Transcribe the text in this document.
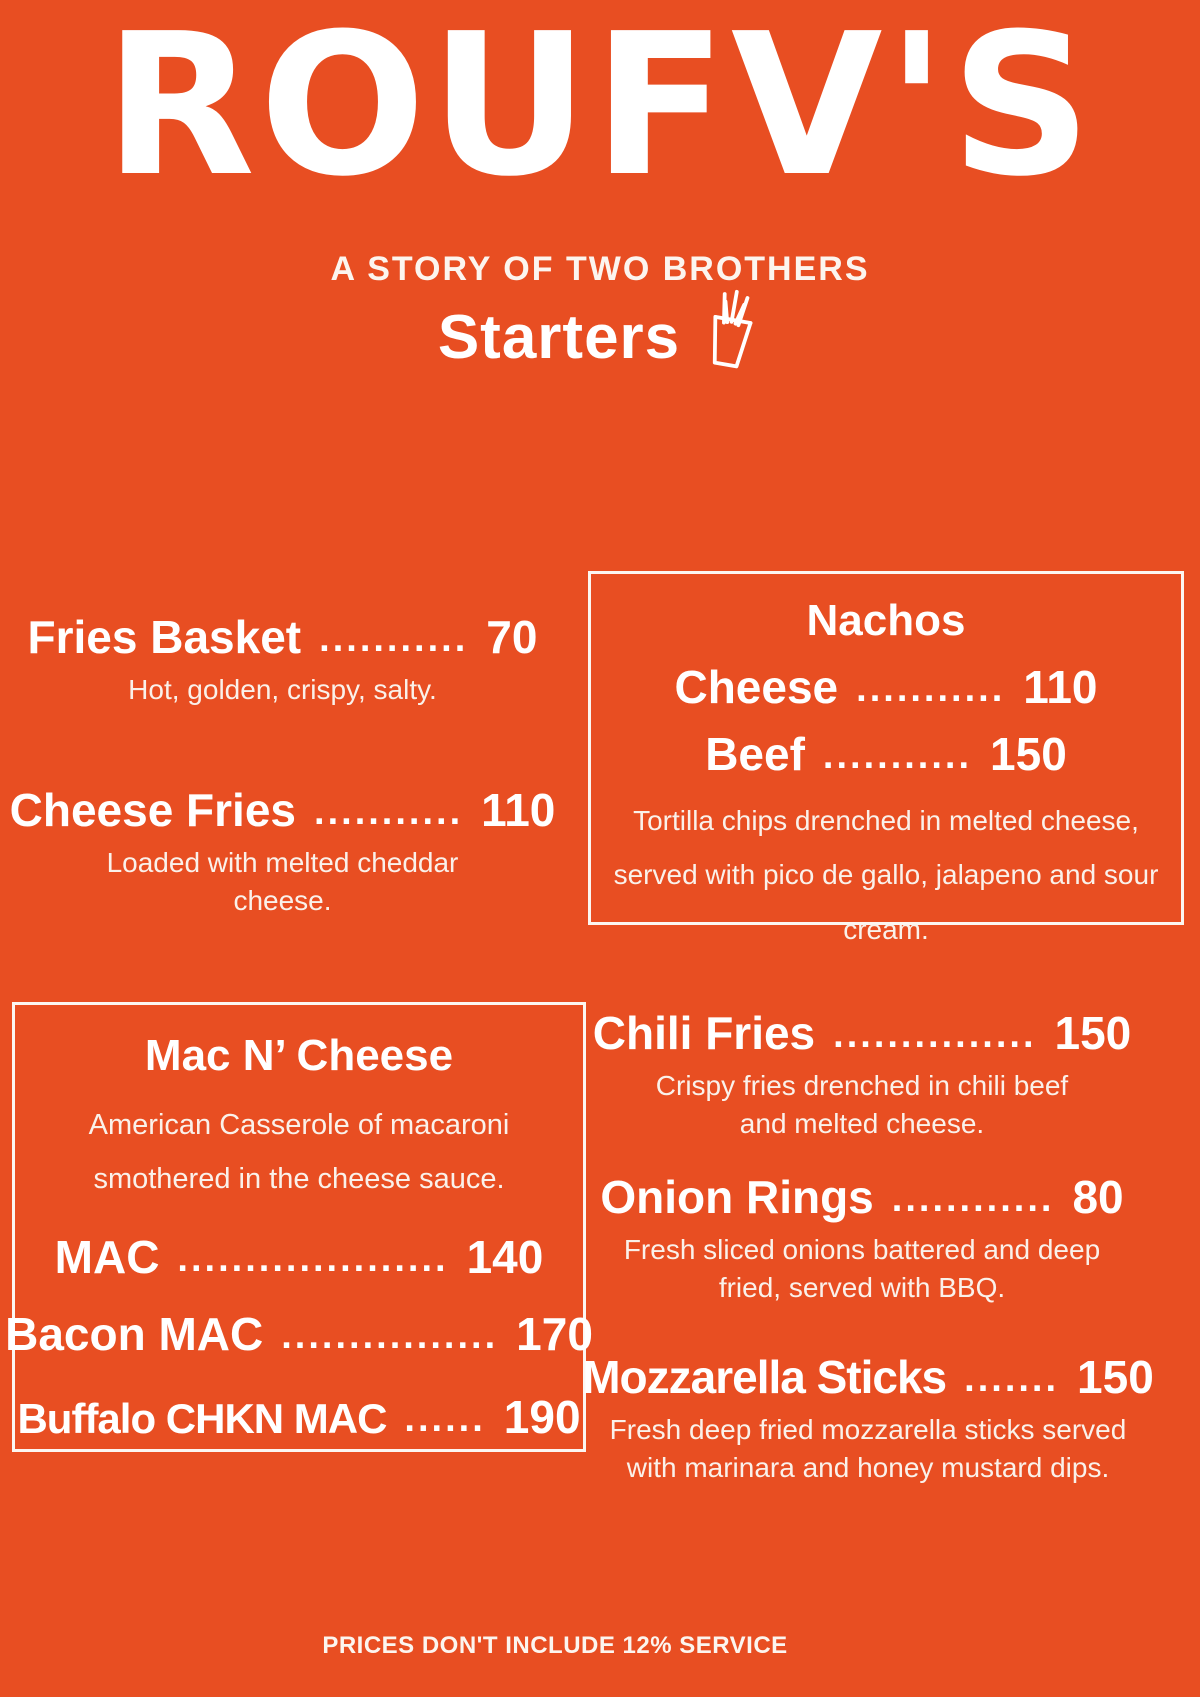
ROUFV'S
A STORY OF TWO BROTHERS
Starters
Fries Basket ........... 70
Hot, golden, crispy, salty.
Cheese Fries ........... 110
Loaded with melted cheddar cheese.
Nachos
Cheese ........... 110
Beef ........... 150
Tortilla chips drenched in melted cheese, served with pico de gallo, jalapeno and sour cream.
Mac N’ Cheese
American Casserole of macaroni smothered in the cheese sauce.
MAC .................... 140
Bacon MAC ................ 170
Buffalo CHKN MAC ...... 190
Chili Fries ............... 150
Crispy fries drenched in chili beef and melted cheese.
Onion Rings ............ 80
Fresh sliced onions battered and deep fried, served with BBQ.
Mozzarella Sticks ....... 150
Fresh deep fried mozzarella sticks served with marinara and honey mustard dips.
PRICES DON'T INCLUDE 12% SERVICE
